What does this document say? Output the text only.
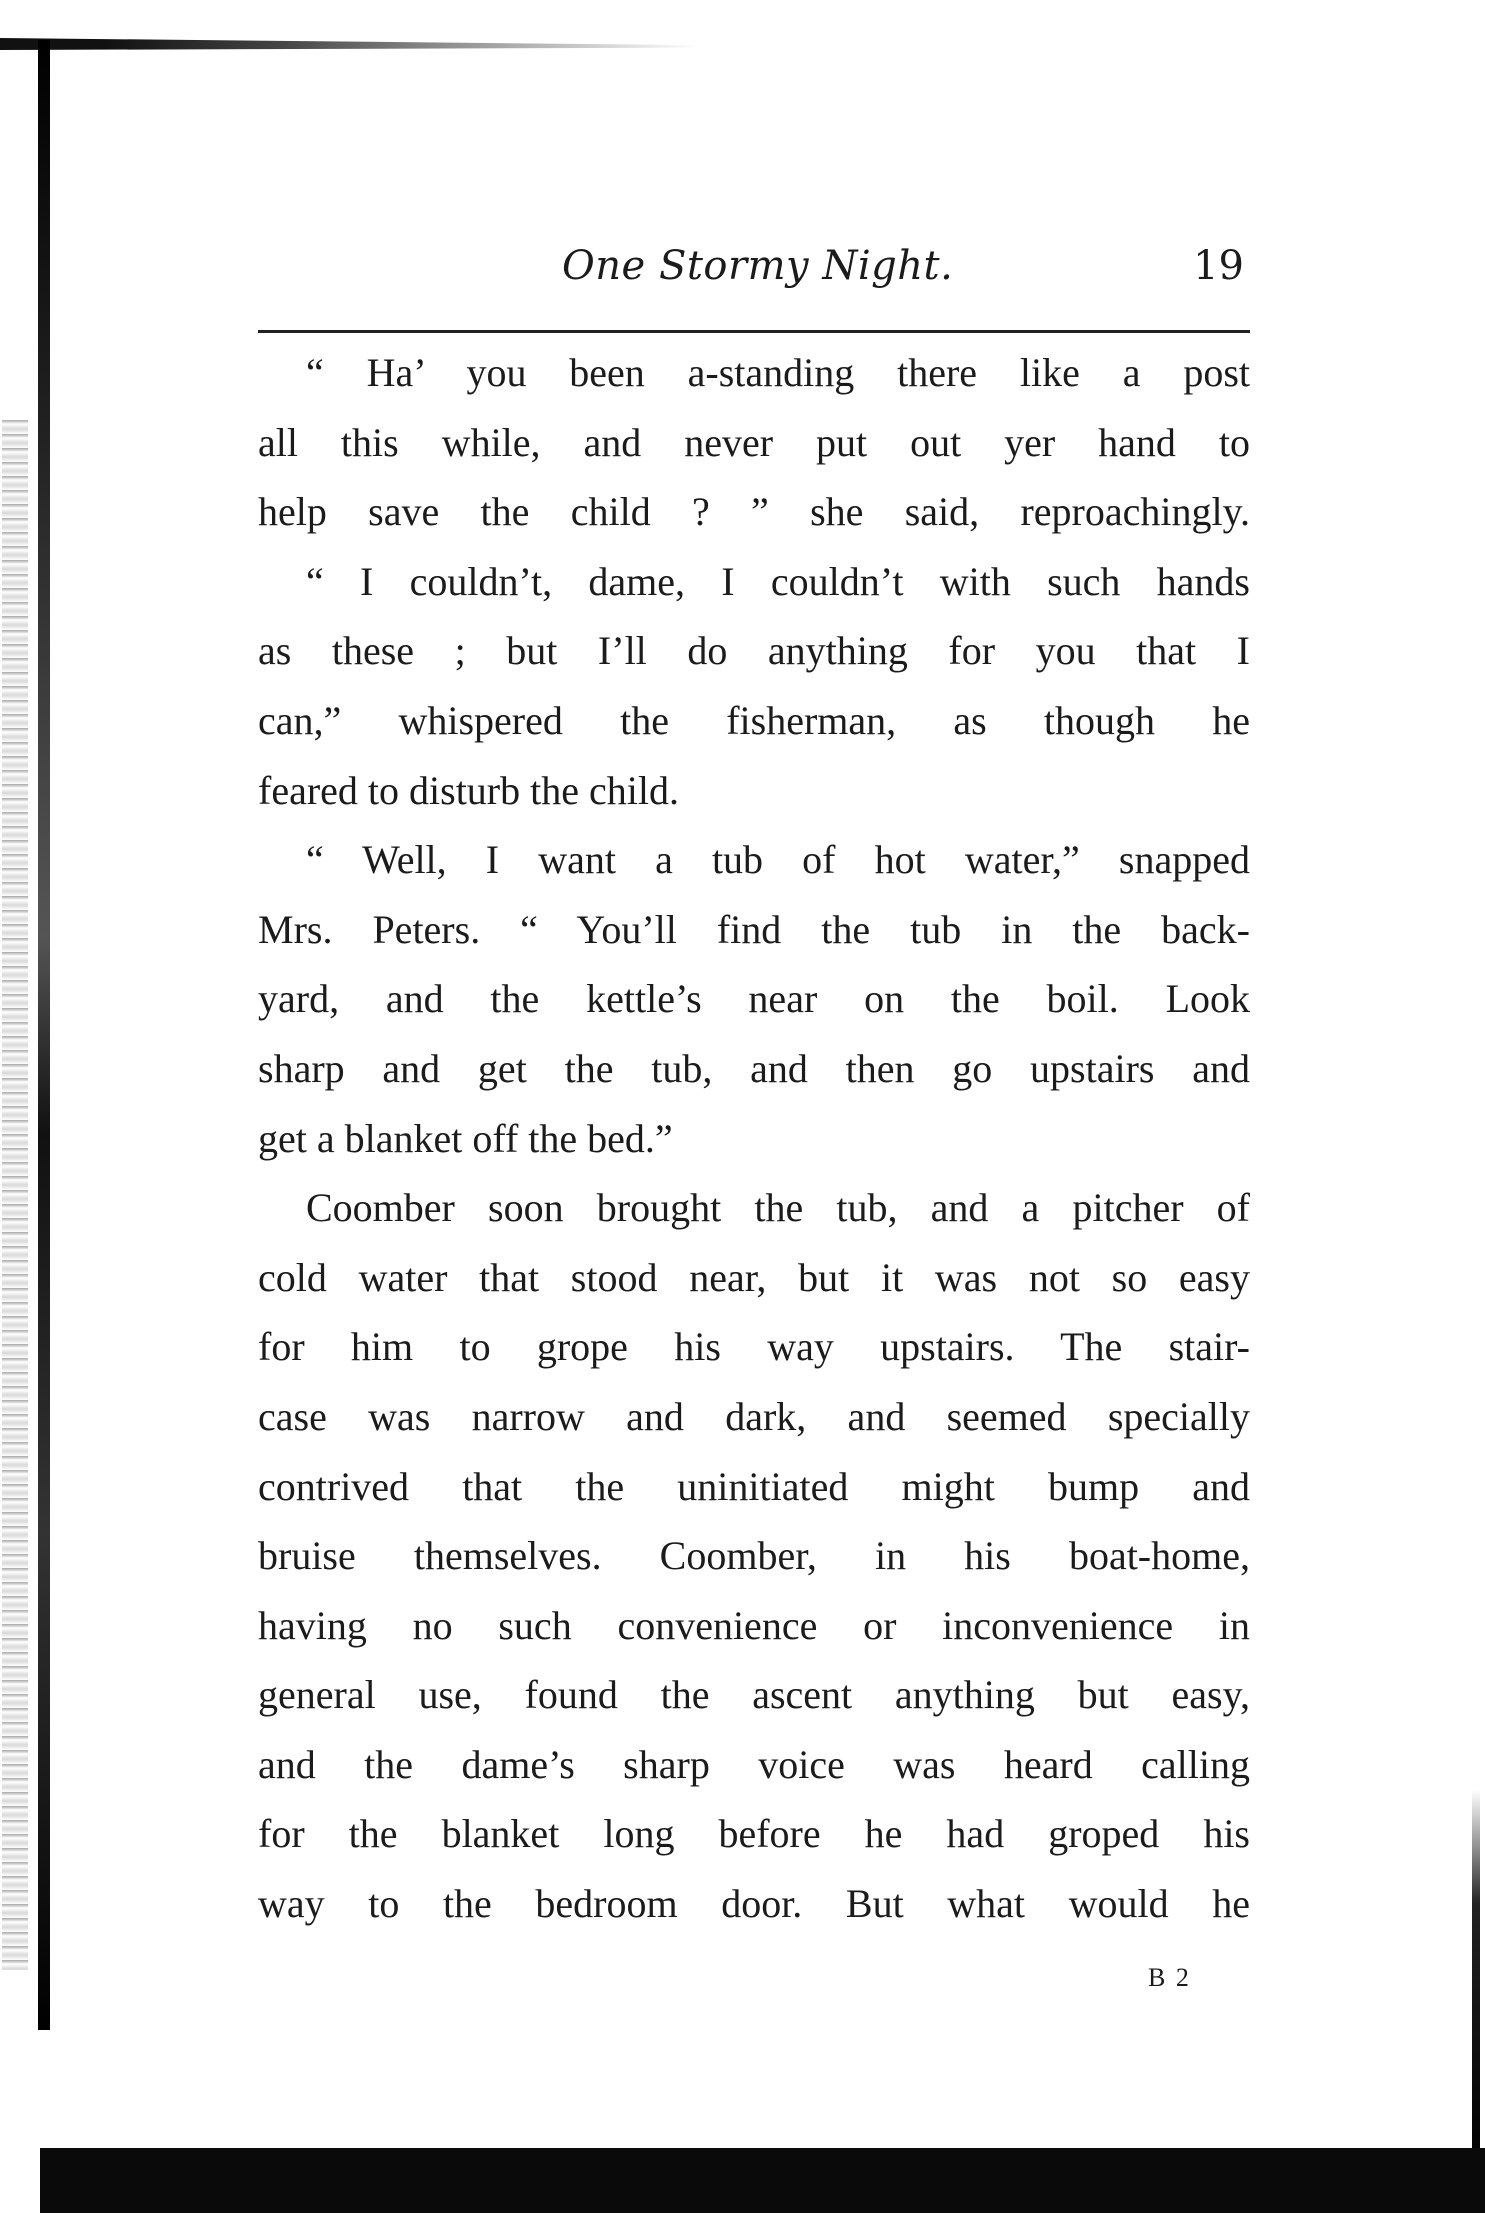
One Stormy Night.	19
“ Ha’ you been a-standing there like a post
all this while, and never put out yer hand to
help save the child ? ” she said, reproachingly.
“ I couldn’t, dame, I couldn’t with such hands
as these ; but I’ll do anything for you that I
can,” whispered the fisherman, as though he
feared to disturb the child.
“ Well, I want a tub of hot water,” snapped
Mrs. Peters. “ You’ll find the tub in the back-
yard, and the kettle’s near on the boil. Look
sharp and get the tub, and then go upstairs and
get a blanket off the bed.”
Coomber soon brought the tub, and a pitcher of
cold water that stood near, but it was not so easy
for him to grope his way upstairs. The stair-
case was narrow and dark, and seemed specially
contrived that the uninitiated might bump and
bruise themselves. Coomber, in his boat-home,
having no such convenience or inconvenience in
general use, found the ascent anything but easy,
and the dame’s sharp voice was heard calling
for the blanket long before he had groped his
way to the bedroom door. But what would he
B 2
